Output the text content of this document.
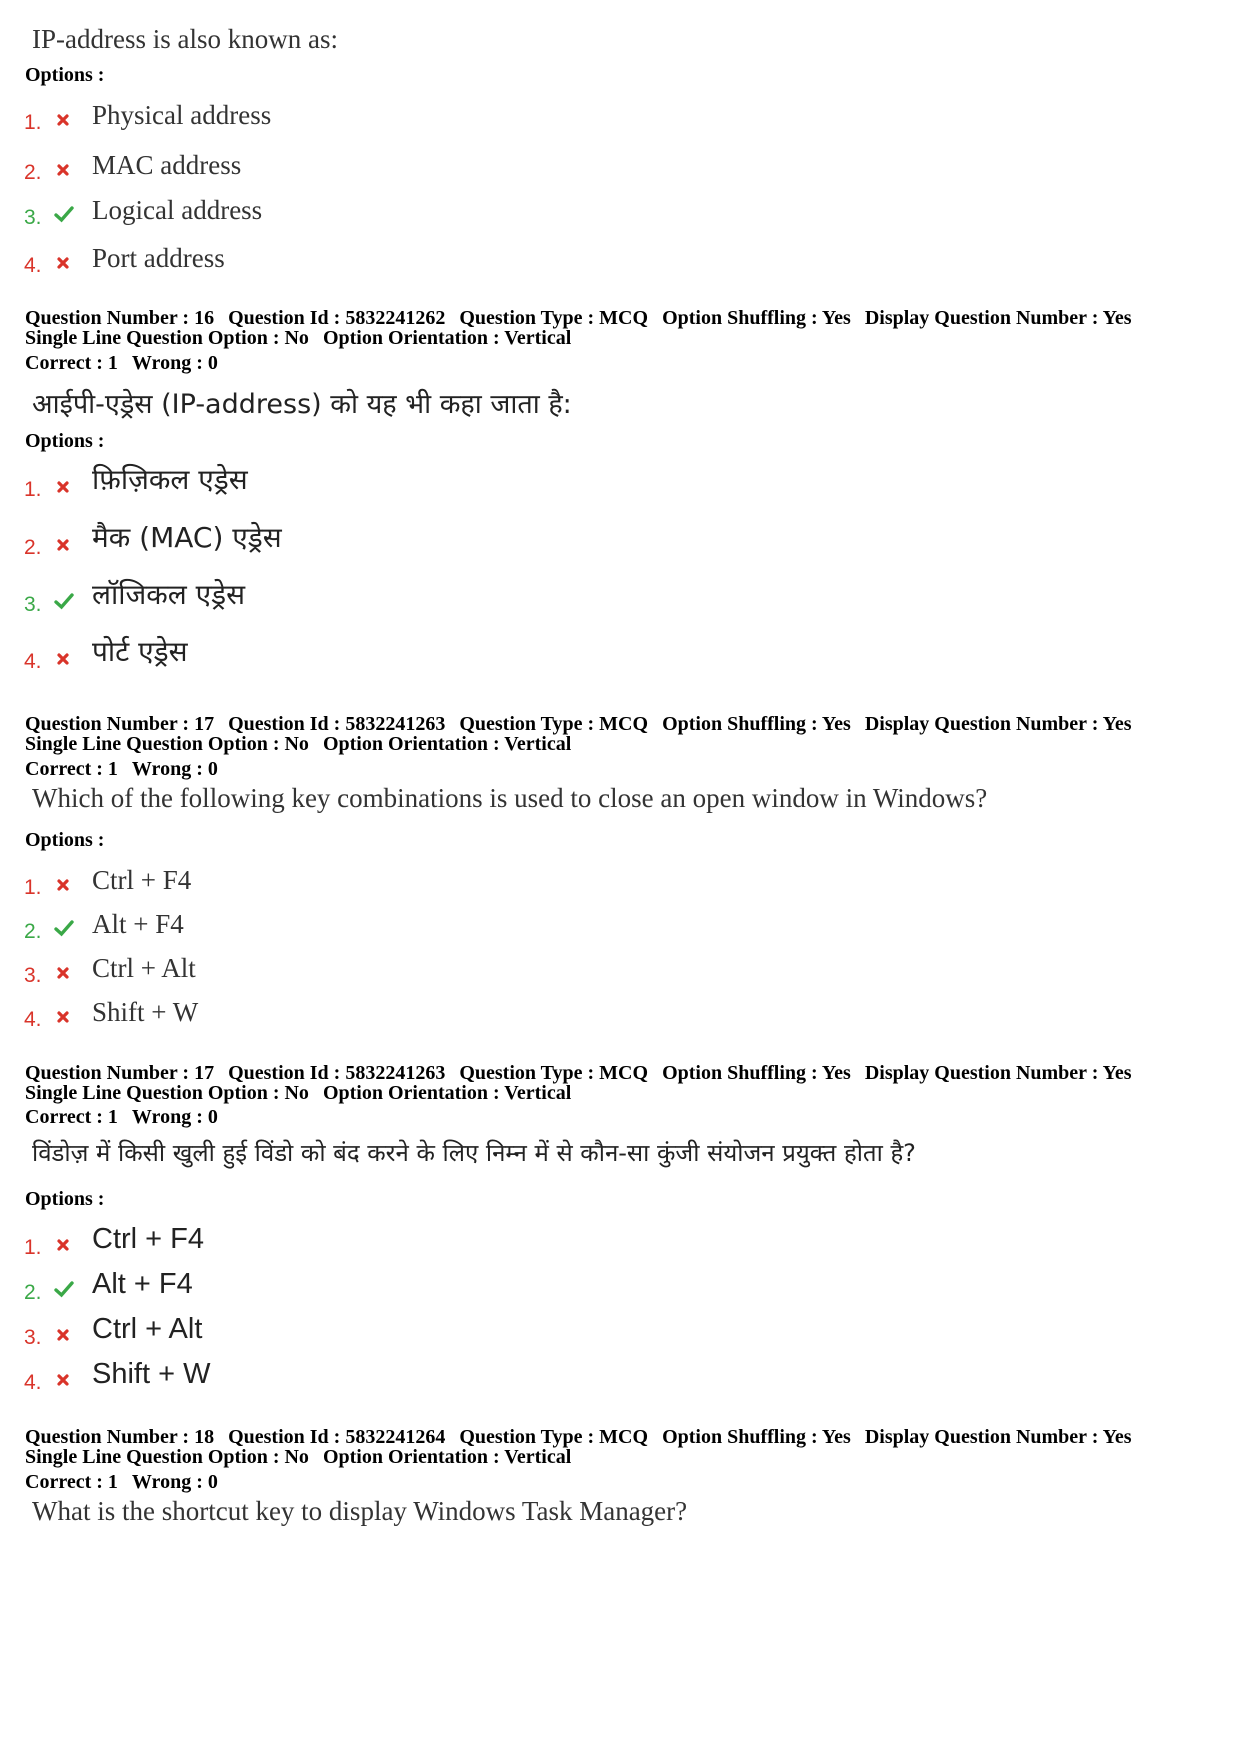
IP-address is also known as:
Options :
1. Physical address
2. MAC address
3. Logical address
4. Port address
Question Number : 16 Question Id : 5832241262 Question Type : MCQ Option Shuffling : Yes Display Question Number : Yes
Single Line Question Option : No Option Orientation : Vertical
Correct : 1 Wrong : 0
आईपी-एड्रेस (IP-address) को यह भी कहा जाता है:
Options :
1. फ़िज़िकल एड्रेस
2. मैक (MAC) एड्रेस
3. लॉजिकल एड्रेस
4. पोर्ट एड्रेस
Question Number : 17 Question Id : 5832241263 Question Type : MCQ Option Shuffling : Yes Display Question Number : Yes
Single Line Question Option : No Option Orientation : Vertical
Correct : 1 Wrong : 0
Which of the following key combinations is used to close an open window in Windows?
Options :
1. Ctrl + F4
2. Alt + F4
3. Ctrl + Alt
4. Shift + W
Question Number : 17 Question Id : 5832241263 Question Type : MCQ Option Shuffling : Yes Display Question Number : Yes
Single Line Question Option : No Option Orientation : Vertical
Correct : 1 Wrong : 0
विंडोज़ में किसी खुली हुई विंडो को बंद करने के लिए निम्न में से कौन-सा कुंजी संयोजन प्रयुक्त होता है?
Options :
1. Ctrl + F4
2. Alt + F4
3. Ctrl + Alt
4. Shift + W
Question Number : 18 Question Id : 5832241264 Question Type : MCQ Option Shuffling : Yes Display Question Number : Yes
Single Line Question Option : No Option Orientation : Vertical
Correct : 1 Wrong : 0
What is the shortcut key to display Windows Task Manager?
